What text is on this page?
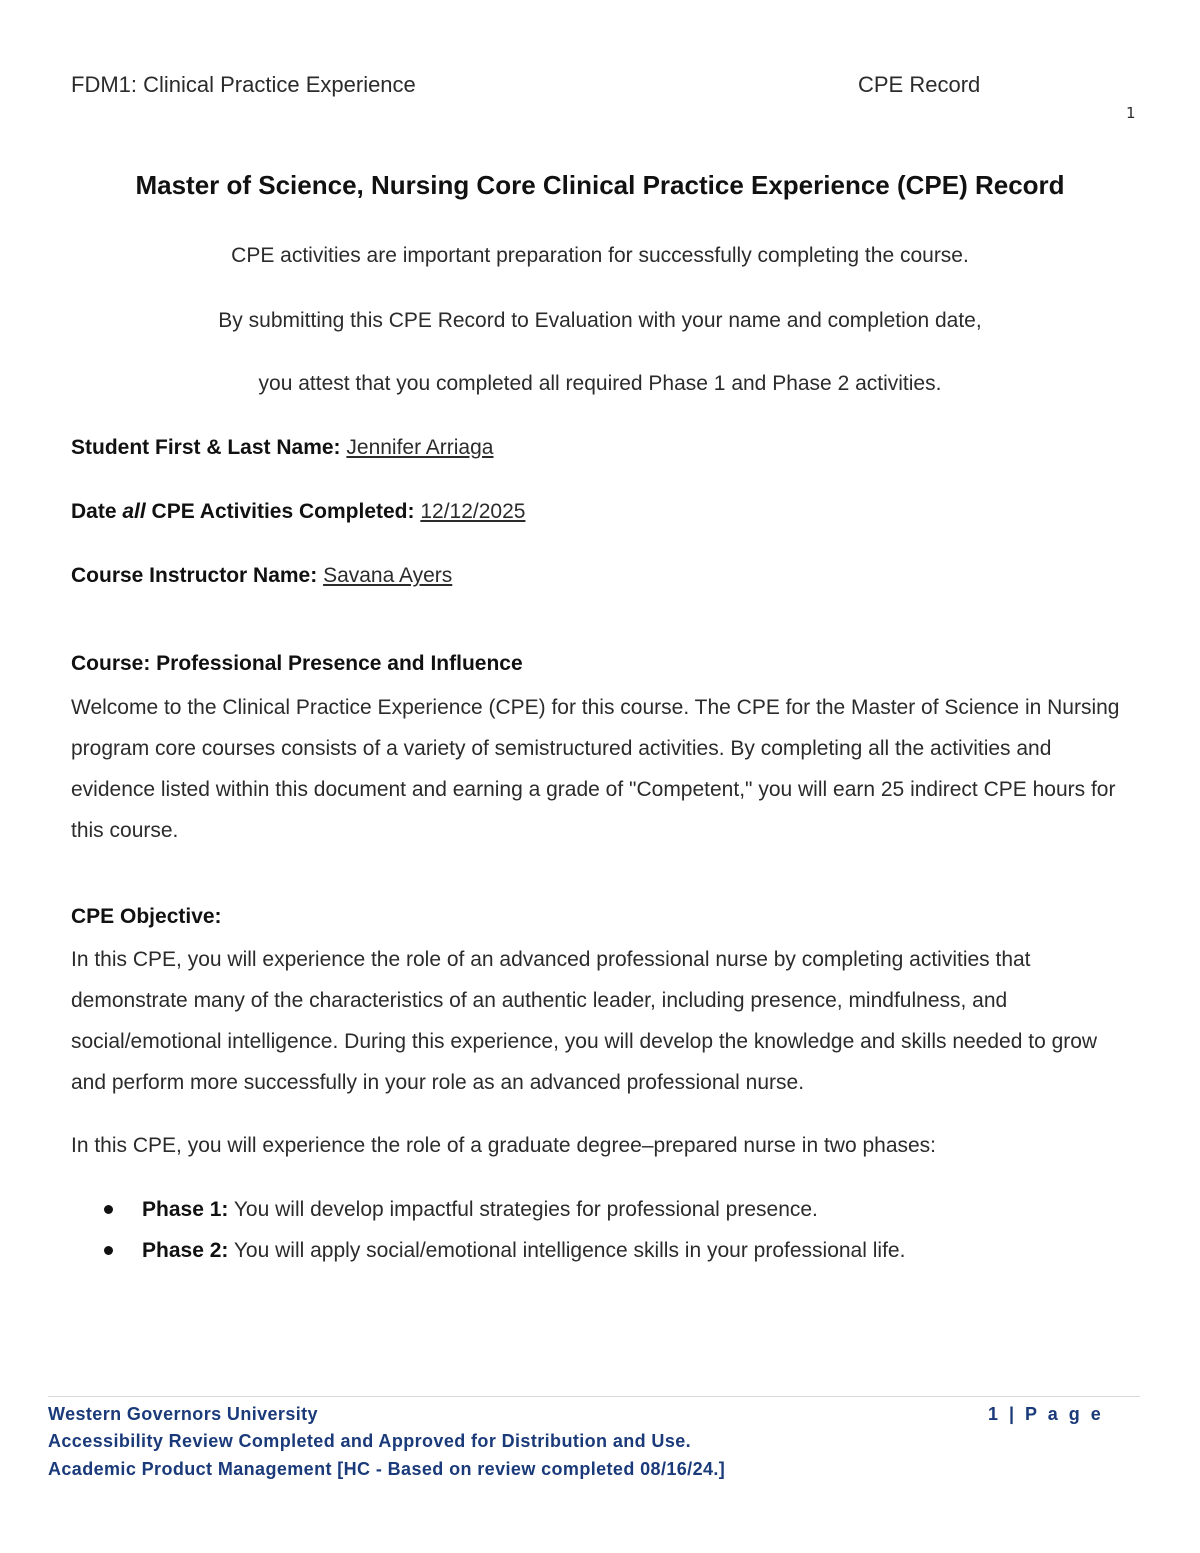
FDM1: Clinical Practice Experience	CPE Record
1
Master of Science, Nursing Core Clinical Practice Experience (CPE) Record
CPE activities are important preparation for successfully completing the course.
By submitting this CPE Record to Evaluation with your name and completion date,
you attest that you completed all required Phase 1 and Phase 2 activities.
Student First & Last Name: Jennifer Arriaga
Date all CPE Activities Completed: 12/12/2025
Course Instructor Name: Savana Ayers
Course: Professional Presence and Influence
Welcome to the Clinical Practice Experience (CPE) for this course. The CPE for the Master of Science in Nursing program core courses consists of a variety of semistructured activities. By completing all the activities and evidence listed within this document and earning a grade of "Competent," you will earn 25 indirect CPE hours for this course.
CPE Objective:
In this CPE, you will experience the role of an advanced professional nurse by completing activities that demonstrate many of the characteristics of an authentic leader, including presence, mindfulness, and social/emotional intelligence. During this experience, you will develop the knowledge and skills needed to grow and perform more successfully in your role as an advanced professional nurse.
In this CPE, you will experience the role of a graduate degree–prepared nurse in two phases:
Phase 1: You will develop impactful strategies for professional presence.
Phase 2: You will apply social/emotional intelligence skills in your professional life.
Western Governors University	1 | P a g e
Accessibility Review Completed and Approved for Distribution and Use.
Academic Product Management [HC - Based on review completed 08/16/24.]
